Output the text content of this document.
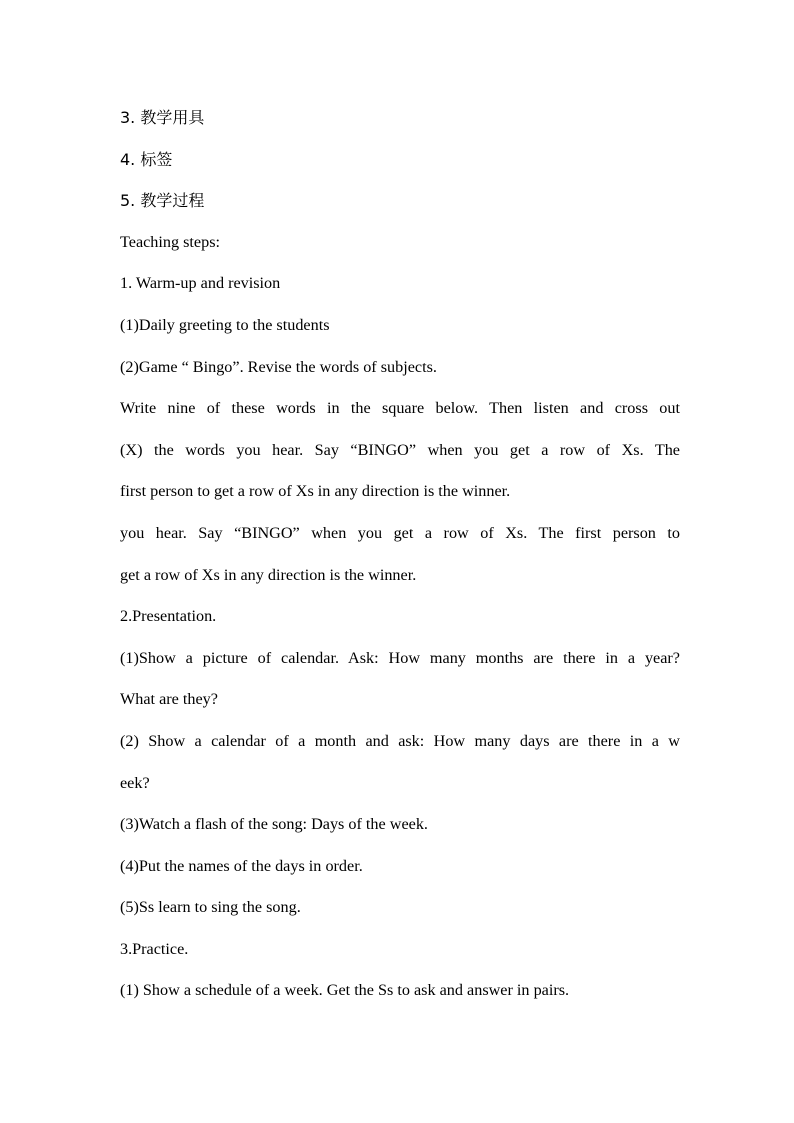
3. 教学用具
4. 标签
5. 教学过程
Teaching steps:
1. Warm-up and revision
(1)Daily greeting to the students
(2)Game “ Bingo”. Revise the words of subjects.
Write nine of these words in the square below. Then listen and cross out
(X) the words you hear. Say “BINGO” when you get a row of Xs. The
first person to get a row of Xs in any direction is the winner.
you hear. Say “BINGO” when you get a row of Xs. The first person to
get a row of Xs in any direction is the winner.
2.Presentation.
(1)Show a picture of calendar. Ask: How many months are there in a year?
What are they?
(2) Show a calendar of a month and ask: How many days are there in a w
eek?
(3)Watch a flash of the song: Days of the week.
(4)Put the names of the days in order.
(5)Ss learn to sing the song.
3.Practice.
(1) Show a schedule of a week. Get the Ss to ask and answer in pairs.
